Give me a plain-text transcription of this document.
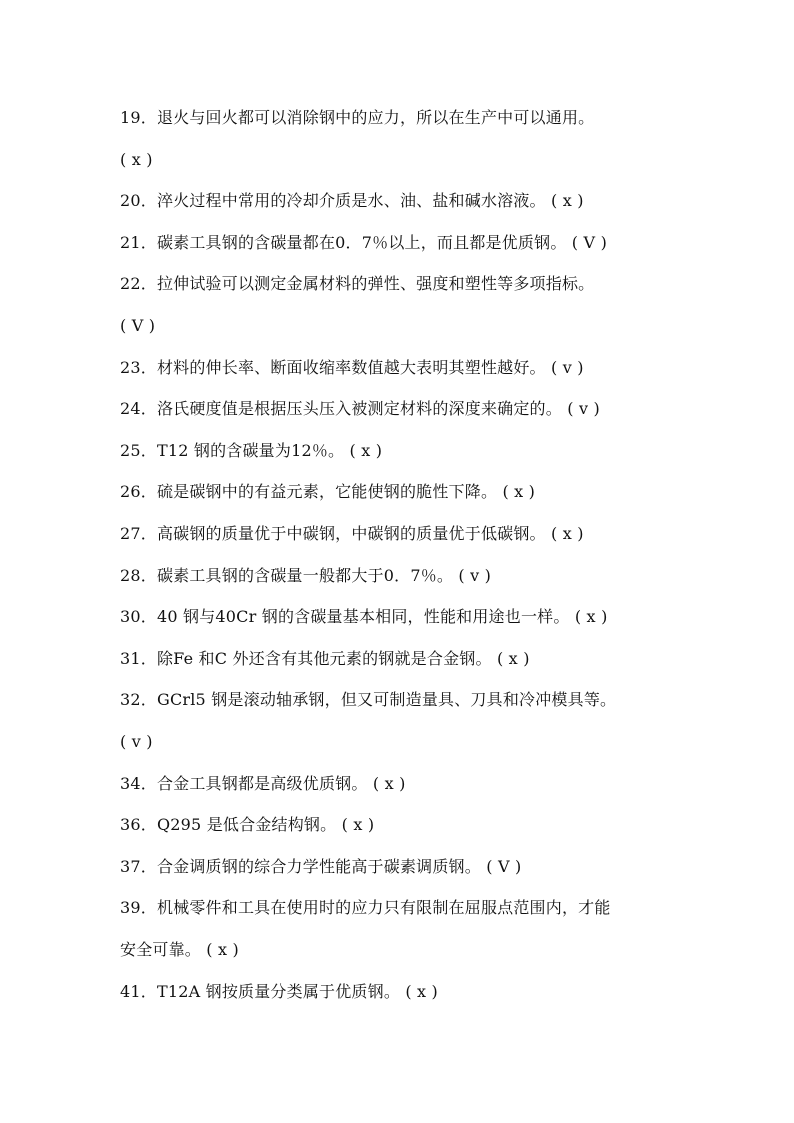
19．退火与回火都可以消除钢中的应力，所以在生产中可以通用。
( x )
20．淬火过程中常用的冷却介质是水、油、盐和碱水溶液。 ( x )
21．碳素工具钢的含碳量都在0．7％以上，而且都是优质钢。 ( V )
22．拉伸试验可以测定金属材料的弹性、强度和塑性等多项指标。
( V )
23．材料的伸长率、断面收缩率数值越大表明其塑性越好。 ( v )
24．洛氏硬度值是根据压头压入被测定材料的深度来确定的。 ( v )
25．T12 钢的含碳量为12％。 ( x )
26．硫是碳钢中的有益元素，它能使钢的脆性下降。 ( x )
27．高碳钢的质量优于中碳钢，中碳钢的质量优于低碳钢。 ( x )
28．碳素工具钢的含碳量一般都大于0．7％。 ( v )
30．40 钢与40Cr 钢的含碳量基本相同，性能和用途也一样。 ( x )
31．除Fe 和C 外还含有其他元素的钢就是合金钢。 ( x )
32．GCrl5 钢是滚动轴承钢，但又可制造量具、刀具和冷冲模具等。
( v )
34．合金工具钢都是高级优质钢。 ( x )
36．Q295 是低合金结构钢。 ( x )
37．合金调质钢的综合力学性能高于碳素调质钢。 ( V )
39．机械零件和工具在使用时的应力只有限制在屈服点范围内，才能
安全可靠。 ( x )
41．T12A 钢按质量分类属于优质钢。 ( x )
